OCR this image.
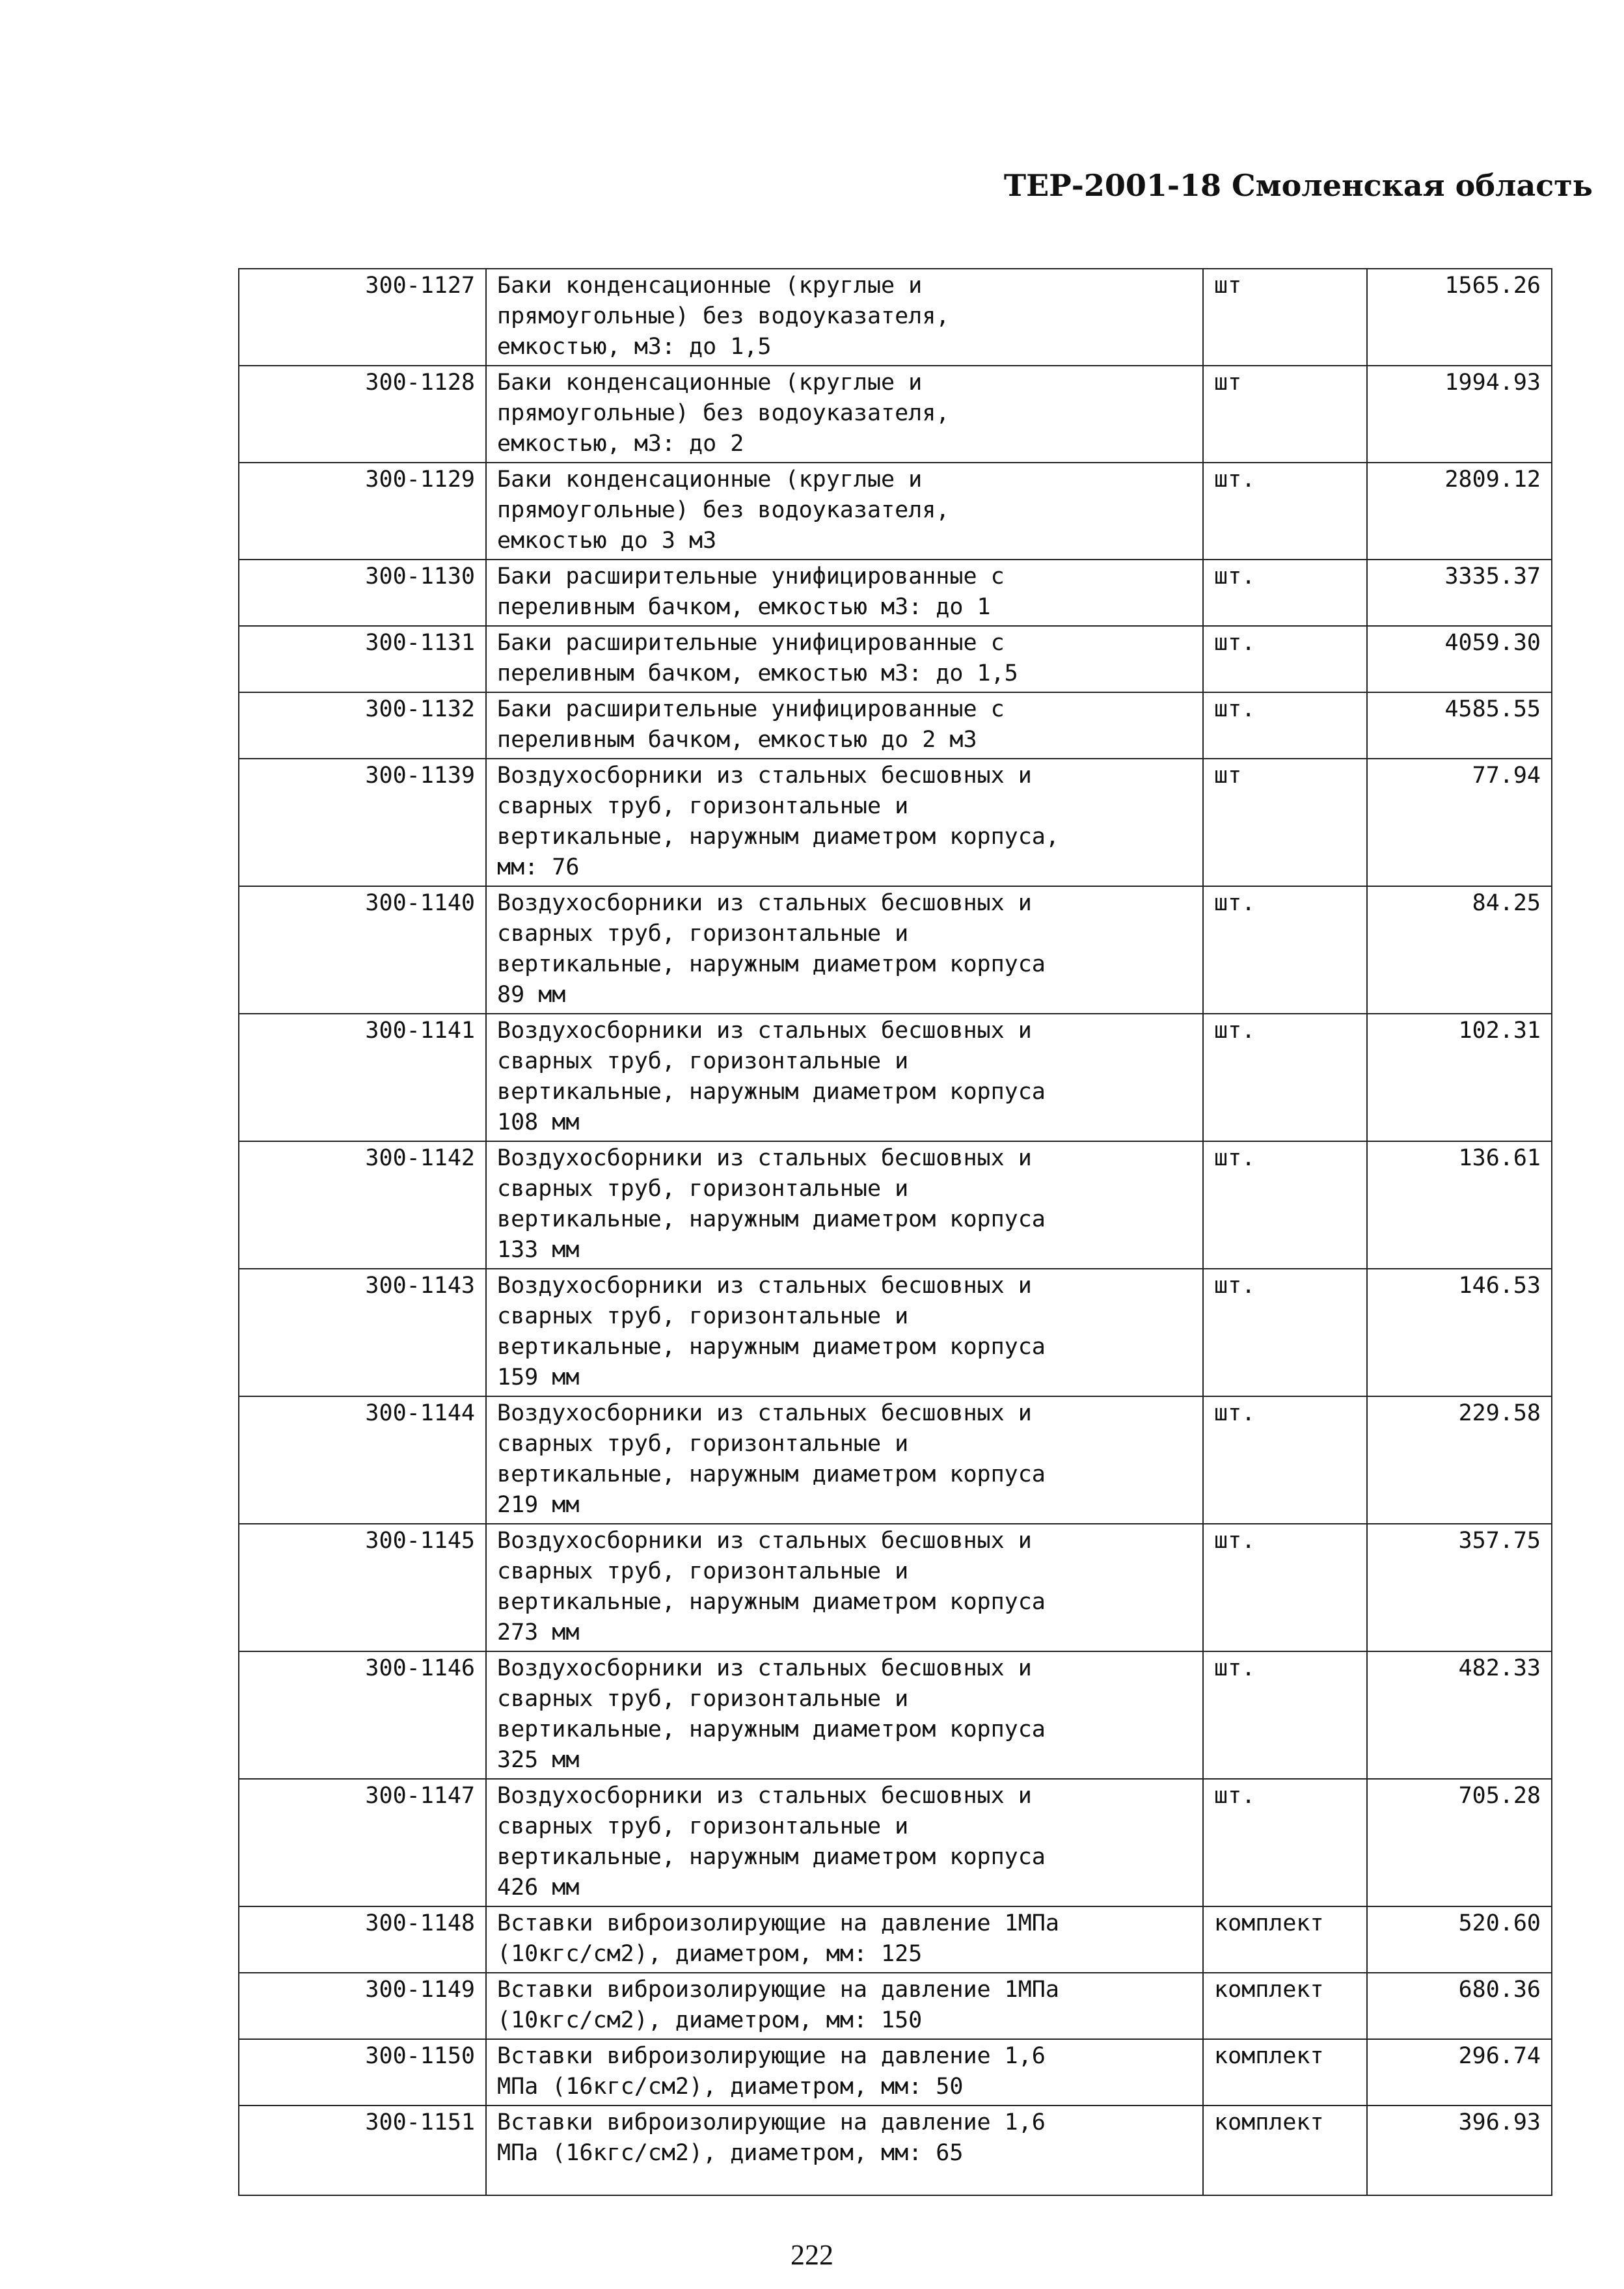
ТЕР-2001-18 Смоленская область
300-1127	Баки конденсационные (круглые и
прямоугольные) без водоуказателя,
емкостью, м3: до 1,5	шт	1565.26
300-1128	Баки конденсационные (круглые и
прямоугольные) без водоуказателя,
емкостью, м3: до 2	шт	1994.93
300-1129	Баки конденсационные (круглые и
прямоугольные) без водоуказателя,
емкостью до 3 м3	шт.	2809.12
300-1130	Баки расширительные унифицированные с
переливным бачком, емкостью м3: до 1	шт.	3335.37
300-1131	Баки расширительные унифицированные с
переливным бачком, емкостью м3: до 1,5	шт.	4059.30
300-1132	Баки расширительные унифицированные с
переливным бачком, емкостью до 2 м3	шт.	4585.55
300-1139	Воздухосборники из стальных бесшовных и
сварных труб, горизонтальные и
вертикальные, наружным диаметром корпуса,
мм: 76	шт	77.94
300-1140	Воздухосборники из стальных бесшовных и
сварных труб, горизонтальные и
вертикальные, наружным диаметром корпуса
89 мм	шт.	84.25
300-1141	Воздухосборники из стальных бесшовных и
сварных труб, горизонтальные и
вертикальные, наружным диаметром корпуса
108 мм	шт.	102.31
300-1142	Воздухосборники из стальных бесшовных и
сварных труб, горизонтальные и
вертикальные, наружным диаметром корпуса
133 мм	шт.	136.61
300-1143	Воздухосборники из стальных бесшовных и
сварных труб, горизонтальные и
вертикальные, наружным диаметром корпуса
159 мм	шт.	146.53
300-1144	Воздухосборники из стальных бесшовных и
сварных труб, горизонтальные и
вертикальные, наружным диаметром корпуса
219 мм	шт.	229.58
300-1145	Воздухосборники из стальных бесшовных и
сварных труб, горизонтальные и
вертикальные, наружным диаметром корпуса
273 мм	шт.	357.75
300-1146	Воздухосборники из стальных бесшовных и
сварных труб, горизонтальные и
вертикальные, наружным диаметром корпуса
325 мм	шт.	482.33
300-1147	Воздухосборники из стальных бесшовных и
сварных труб, горизонтальные и
вертикальные, наружным диаметром корпуса
426 мм	шт.	705.28
300-1148	Вставки виброизолирующие на давление 1МПа
(10кгс/см2), диаметром, мм: 125	комплект	520.60
300-1149	Вставки виброизолирующие на давление 1МПа
(10кгс/см2), диаметром, мм: 150	комплект	680.36
300-1150	Вставки виброизолирующие на давление 1,6
МПа (16кгс/см2), диаметром, мм: 50	комплект	296.74
300-1151	Вставки виброизолирующие на давление 1,6
МПа (16кгс/см2), диаметром, мм: 65	комплект	396.93
222
